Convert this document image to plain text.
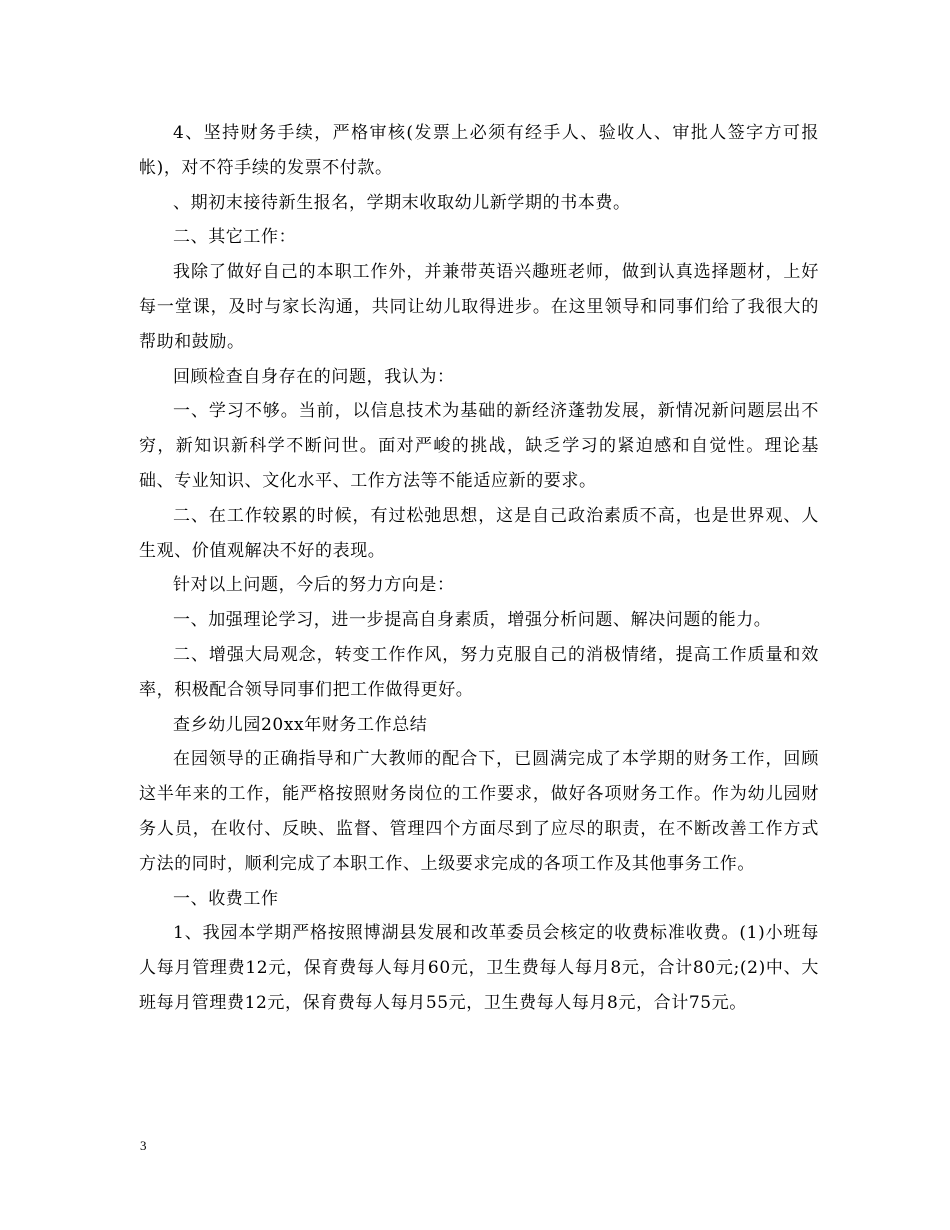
4、坚持财务手续，严格审核(发票上必须有经手人、验收人、审批人签字方可报帐)，对不符手续的发票不付款。

、期初末接待新生报名，学期末收取幼儿新学期的书本费。

二、其它工作：

我除了做好自己的本职工作外，并兼带英语兴趣班老师，做到认真选择题材，上好每一堂课，及时与家长沟通，共同让幼儿取得进步。在这里领导和同事们给了我很大的帮助和鼓励。

回顾检查自身存在的问题，我认为：

一、学习不够。当前，以信息技术为基础的新经济蓬勃发展，新情况新问题层出不穷，新知识新科学不断问世。面对严峻的挑战，缺乏学习的紧迫感和自觉性。理论基础、专业知识、文化水平、工作方法等不能适应新的要求。

二、在工作较累的时候，有过松弛思想，这是自己政治素质不高，也是世界观、人生观、价值观解决不好的表现。

针对以上问题，今后的努力方向是：

一、加强理论学习，进一步提高自身素质，增强分析问题、解决问题的能力。

二、增强大局观念，转变工作作风，努力克服自己的消极情绪，提高工作质量和效率，积极配合领导同事们把工作做得更好。

查乡幼儿园20xx年财务工作总结

在园领导的正确指导和广大教师的配合下，已圆满完成了本学期的财务工作，回顾这半年来的工作，能严格按照财务岗位的工作要求，做好各项财务工作。作为幼儿园财务人员，在收付、反映、监督、管理四个方面尽到了应尽的职责，在不断改善工作方式方法的同时，顺利完成了本职工作、上级要求完成的各项工作及其他事务工作。

一、收费工作

1、我园本学期严格按照博湖县发展和改革委员会核定的收费标准收费。(1)小班每人每月管理费12元，保育费每人每月60元，卫生费每人每月8元，合计80元;(2)中、大班每月管理费12元，保育费每人每月55元，卫生费每人每月8元，合计75元。

3
